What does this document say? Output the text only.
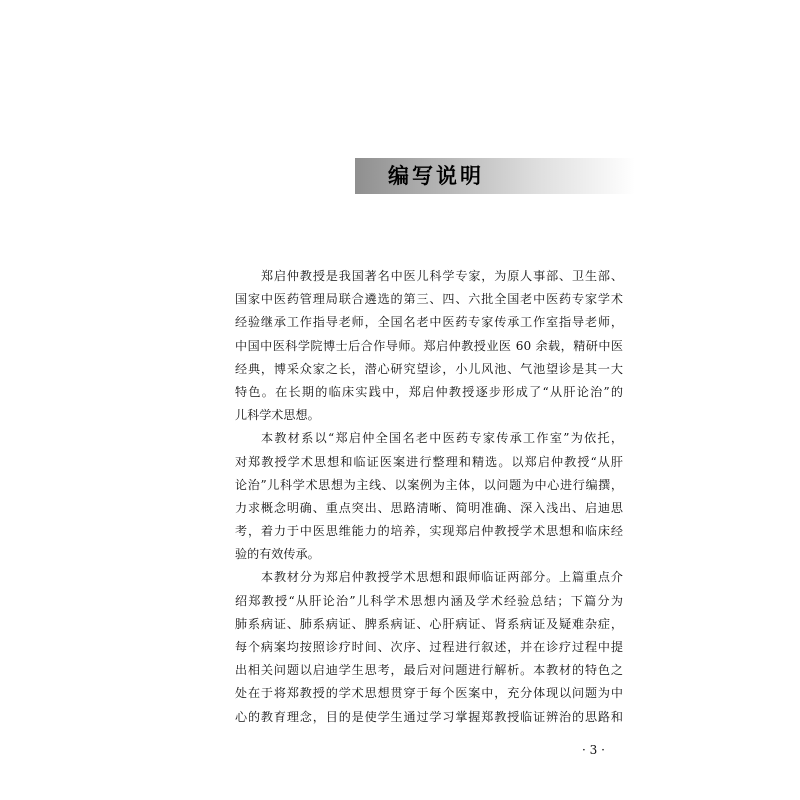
编写说明
郑启仲教授是我国著名中医儿科学专家，为原人事部、卫生部、
国家中医药管理局联合遴选的第三、四、六批全国老中医药专家学术
经验继承工作指导老师，全国名老中医药专家传承工作室指导老师，
中国中医科学院博士后合作导师。郑启仲教授业医 60 余载，精研中医
经典，博采众家之长，潜心研究望诊，小儿风池、气池望诊是其一大
特色。在长期的临床实践中，郑启仲教授逐步形成了“从肝论治”的
儿科学术思想。
本教材系以“郑启仲全国名老中医药专家传承工作室”为依托，
对郑教授学术思想和临证医案进行整理和精选。以郑启仲教授“从肝
论治”儿科学术思想为主线、以案例为主体，以问题为中心进行编撰，
力求概念明确、重点突出、思路清晰、简明准确、深入浅出、启迪思
考，着力于中医思维能力的培养，实现郑启仲教授学术思想和临床经
验的有效传承。
本教材分为郑启仲教授学术思想和跟师临证两部分。上篇重点介
绍郑教授“从肝论治”儿科学术思想内涵及学术经验总结；下篇分为
肺系病证、肺系病证、脾系病证、心肝病证、肾系病证及疑难杂症，
每个病案均按照诊疗时间、次序、过程进行叙述，并在诊疗过程中提
出相关问题以启迪学生思考，最后对问题进行解析。本教材的特色之
处在于将郑教授的学术思想贯穿于每个医案中，充分体现以问题为中
心的教育理念，目的是使学生通过学习掌握郑教授临证辨治的思路和
· 3 ·
